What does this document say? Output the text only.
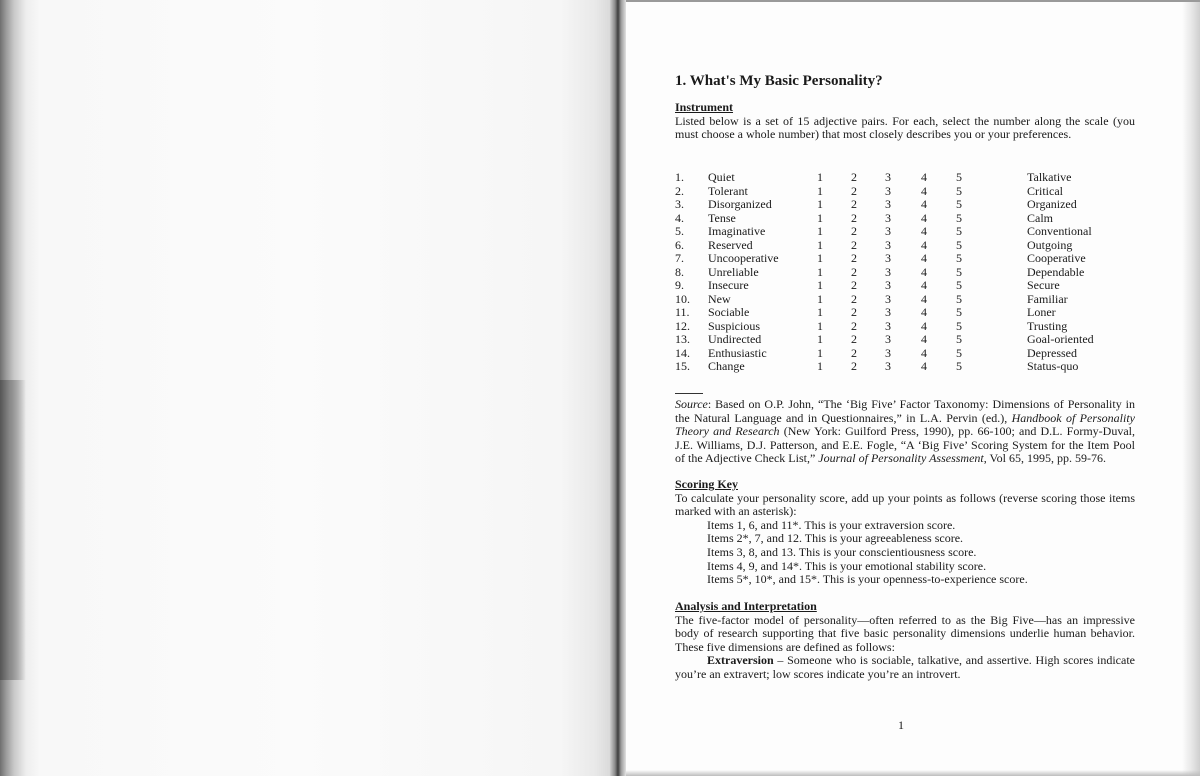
1. What's My Basic Personality?

Instrument

Listed below is a set of 15 adjective pairs. For each, select the number along the scale (you must choose a whole number) that most closely describes you or your preferences.

1. Quiet	1 2 3	4 5	Talkative
2. Tolerant	1 2 3	4 5	Critical
3. Disorganized	1 2 3	4 5	Organized
4. Tense	1 2 3	4 5	Calm
5. Imaginative	1 2 3	4 5	Conventional
6. Reserved	1 2 3	4 5	Outgoing
7. Uncooperative	1 2 3	4 5	Cooperative
8. Unreliable	1 2 3	4 5	Dependable
9. Insecure	1 2 3	4 5	Secure
10. New	1 2 3	4 5	Familiar
11. Sociable	1 2 3	4 5	Loner
12. Suspicious	1 2 3	4 5	Trusting
13. Undirected	1 2 3	4 5	Goal-oriented
14. Enthusiastic	1 2 3	4 5	Depressed
15. Change	1 2 3	4 5	Status-quo
Source: Based on O.P. John, “The ‘Big Five’ Factor Taxonomy: Dimensions of Personality in the Natural Language and in Questionnaires,” in L.A. Pervin (ed.), Handbook of Personality Theory and Research (New York: Guilford Press, 1990), pp. 66-100; and D.L. Formy-Duval, J.E. Williams, D.J. Patterson, and E.E. Fogle, “A ‘Big Five’ Scoring System for the Item Pool of the Adjective Check List,” Journal of Personality Assessment, Vol 65, 1995, pp. 59-76.

Scoring Key

To calculate your personality score, add up your points as follows (reverse scoring those items marked with an asterisk):

Items 1, 6, and 11*. This is your extraversion score.
Items 2*, 7, and 12. This is your agreeableness score.
Items 3, 8, and 13. This is your conscientiousness score.
Items 4, 9, and 14*. This is your emotional stability score.
Items 5*, 10*, and 15*. This is your openness-to-experience score.

Analysis and Interpretation

The five-factor model of personality—often referred to as the Big Five—has an impressive body of research supporting that five basic personality dimensions underlie human behavior. These five dimensions are defined as follows:

Extraversion – Someone who is sociable, talkative, and assertive. High scores indicate you’re an extravert; low scores indicate you’re an introvert.

1
